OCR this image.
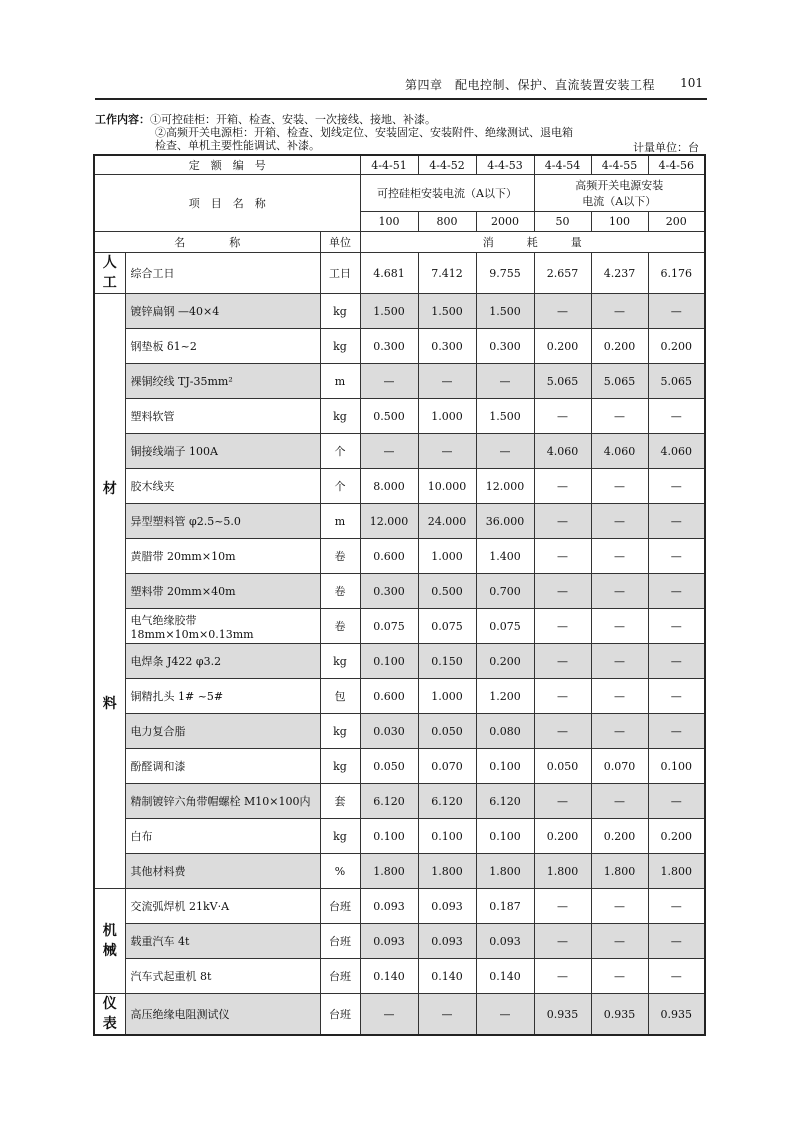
第四章　配电控制、保护、直流装置安装工程 101
工作内容：①可控硅柜：开箱、检查、安装、一次接线、接地、补漆。
②高频开关电源柜：开箱、检查、划线定位、安装固定、安装附件、绝缘测试、退电箱
检查、单机主要性能调试、补漆。	计量单位：台
定　额　编　号			4-4-51	4-4-52	4-4-53	4-4-54	4-4-55	4-4-56
项　目　名　称			可控硅柜安装电流（A以下）			高频开关电源安装
电流（A以下）		
			100	800	2000	50	100	200
名　　　　称		单位	消　　　耗　　　量					
人工	综合工日	工日	4.681	7.412	9.755	2.657	4.237	6.176

材
料	镀锌扁钢 —40×4	kg	1.500	1.500	1.500	—	—	—
	钢垫板 δ1~2	kg	0.300	0.300	0.300	0.200	0.200	0.200
	裸铜绞线 TJ-35mm²	m	—	—	—	5.065	5.065	5.065
	塑料软管	kg	0.500	1.000	1.500	—	—	—
	铜接线端子 100A	个	—	—	—	4.060	4.060	4.060
	胶木线夹	个	8.000	10.000	12.000	—	—	—
	异型塑料管 φ2.5~5.0	m	12.000	24.000	36.000	—	—	—
	黄腊带 20mm×10m	卷	0.600	1.000	1.400	—	—	—
	塑料带 20mm×40m	卷	0.300	0.500	0.700	—	—	—
	电气绝缘胶带 18mm×10m×0.13mm	卷	0.075	0.075	0.075	—	—	—
	电焊条 J422 φ3.2	kg	0.100	0.150	0.200	—	—	—
	铜精扎头 1# ~5#	包	0.600	1.000	1.200	—	—	—
	电力复合脂	kg	0.030	0.050	0.080	—	—	—
	酚醛调和漆	kg	0.050	0.070	0.100	0.050	0.070	0.100
	精制镀锌六角带帽螺栓 M10×100内	套	6.120	6.120	6.120	—	—	—
	白布	kg	0.100	0.100	0.100	0.200	0.200	0.200
	其他材料费	%	1.800	1.800	1.800	1.800	1.800	1.800
机械	交流弧焊机 21kV·A	台班	0.093	0.093	0.187	—	—	—
	载重汽车 4t	台班	0.093	0.093	0.093	—	—	—
	汽车式起重机 8t	台班	0.140	0.140	0.140	—	—	—
仪表	高压绝缘电阻测试仪	台班	—	—	—	0.935	0.935	0.935
